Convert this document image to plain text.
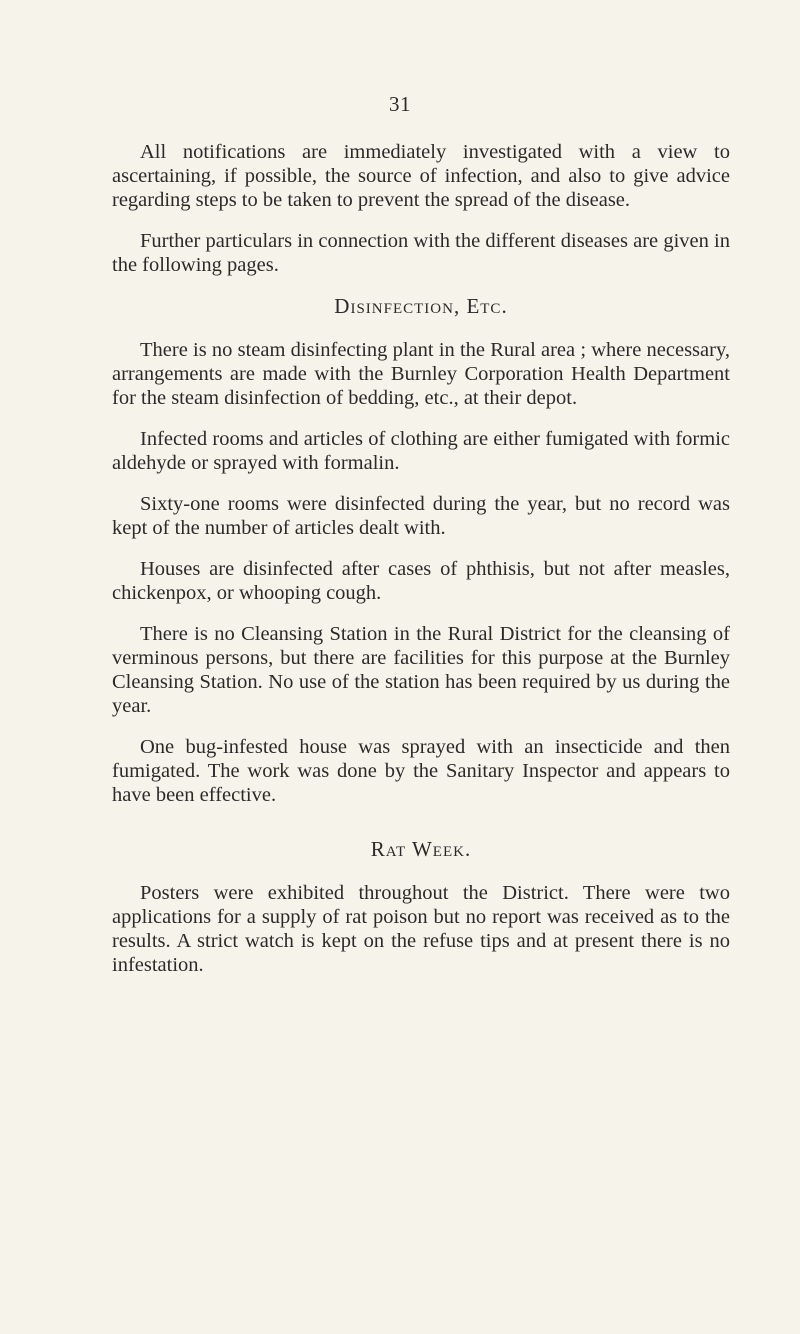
31

All notifications are immediately investigated with a view to ascertaining, if possible, the source of infection, and also to give advice regarding steps to be taken to prevent the spread of the disease.

Further particulars in connection with the different diseases are given in the following pages.

Disinfection, Etc.

There is no steam disinfecting plant in the Rural area ; where necessary, arrangements are made with the Burnley Corporation Health Department for the steam disinfection of bedding, etc., at their depot.

Infected rooms and articles of clothing are either fumigated with formic aldehyde or sprayed with formalin.

Sixty-one rooms were disinfected during the year, but no record was kept of the number of articles dealt with.

Houses are disinfected after cases of phthisis, but not after measles, chickenpox, or whooping cough.

There is no Cleansing Station in the Rural District for the cleansing of verminous persons, but there are facilities for this purpose at the Burnley Cleansing Station. No use of the station has been required by us during the year.

One bug-infested house was sprayed with an insecticide and then fumigated. The work was done by the Sanitary Inspector and appears to have been effective.

Rat Week.

Posters were exhibited throughout the District. There were two applications for a supply of rat poison but no report was received as to the results. A strict watch is kept on the refuse tips and at present there is no infestation.
